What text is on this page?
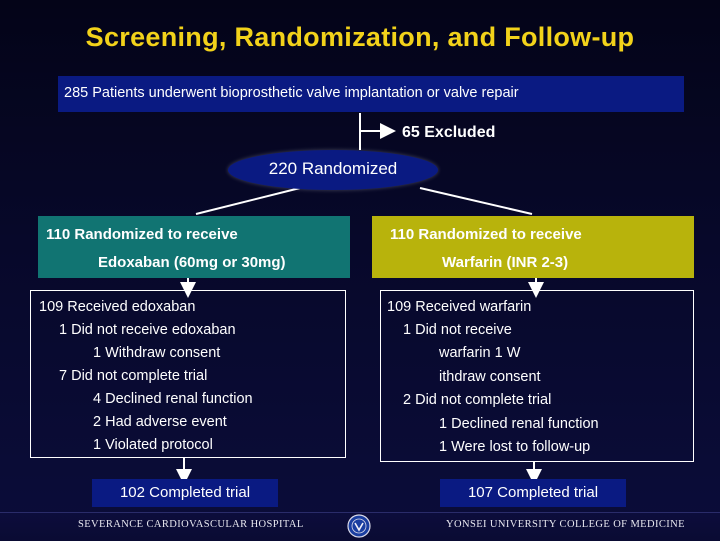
Screening, Randomization, and Follow-up
285 Patients underwent bioprosthetic valve implantation or valve repair
65 Excluded
220 Randomized
110 Randomized to receive
Edoxaban (60mg or 30mg)
109 Received edoxaban
1 Did not receive edoxaban
1 Withdraw consent
7 Did not complete trial
4 Declined renal function
2 Had adverse event
1 Violated protocol
102 Completed trial
110 Randomized to receive
Warfarin (INR 2-3)
109 Received warfarin
1 Did not receive
warfarin 1 W
ithdraw consent
2 Did not complete trial
1 Declined renal function
1 Were lost to follow-up
107 Completed trial
SEVERANCE CARDIOVASCULAR HOSPITAL	YONSEI UNIVERSITY COLLEGE OF MEDICINE
